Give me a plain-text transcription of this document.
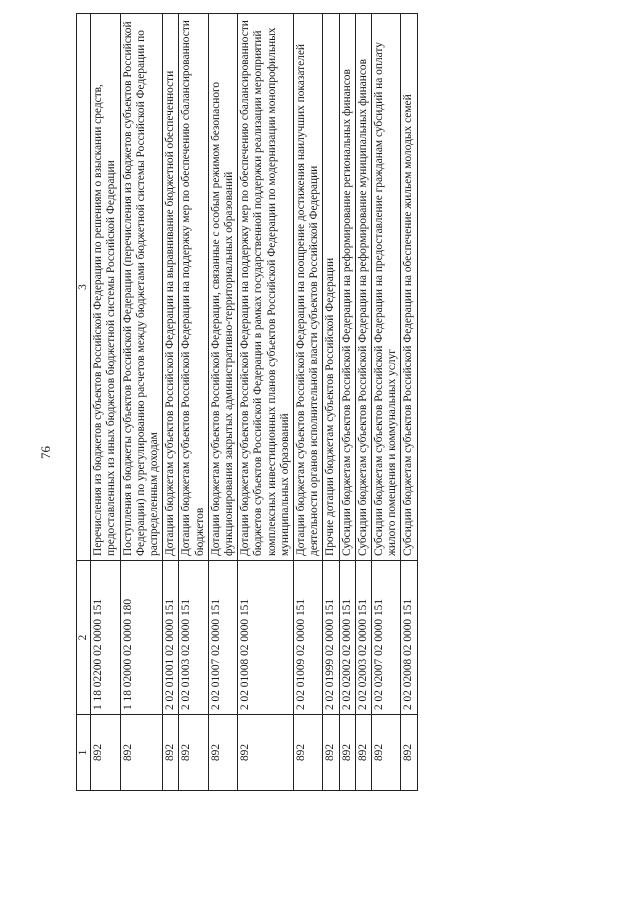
76
1	2	3
892	1 18 02200 02 0000 151	Перечисления из бюджетов субъектов Российской Федерации по решениям о взыскании средств, предоставленных из иных бюджетов бюджетной системы Российской Федерации
892	1 18 02000 02 0000 180	Поступления в бюджеты субъектов Российской Федерации (перечисления из бюджетов субъектов Российской Федерации) по урегулированию расчетов между бюджетами бюджетной системы Российской Федерации по распределенным доходам
892	2 02 01001 02 0000 151	Дотации бюджетам субъектов Российской Федерации на выравнивание бюджетной обеспеченности
892	2 02 01003 02 0000 151	Дотации бюджетам субъектов Российской Федерации на поддержку мер по обеспечению сбалансированности бюджетов
892	2 02 01007 02 0000 151	Дотации бюджетам субъектов Российской Федерации, связанные с особым режимом безопасного функционирования закрытых административно-территориальных образований
892	2 02 01008 02 0000 151	Дотации бюджетам субъектов Российской Федерации на поддержку мер по обеспечению сбалансированности бюджетов субъектов Российской Федерации в рамках государственной поддержки реализации мероприятий комплексных инвестиционных планов субъектов Российской Федерации по модернизации монопрофильных муниципальных образований
892	2 02 01009 02 0000 151	Дотации бюджетам субъектов Российской Федерации на поощрение достижения наилучших показателей деятельности органов исполнительной власти субъектов Российской Федерации
892	2 02 01999 02 0000 151	Прочие дотации бюджетам субъектов Российской Федерации
892	2 02 02002 02 0000 151	Субсидии бюджетам субъектов Российской Федерации на реформирование региональных финансов
892	2 02 02003 02 0000 151	Субсидии бюджетам субъектов Российской Федерации на реформирование муниципальных финансов
892	2 02 02007 02 0000 151	Субсидии бюджетам субъектов Российской Федерации на предоставление гражданам субсидий на оплату жилого помещения и коммунальных услуг
892	2 02 02008 02 0000 151	Субсидии бюджетам субъектов Российской Федерации на обеспечение жильем молодых семей
